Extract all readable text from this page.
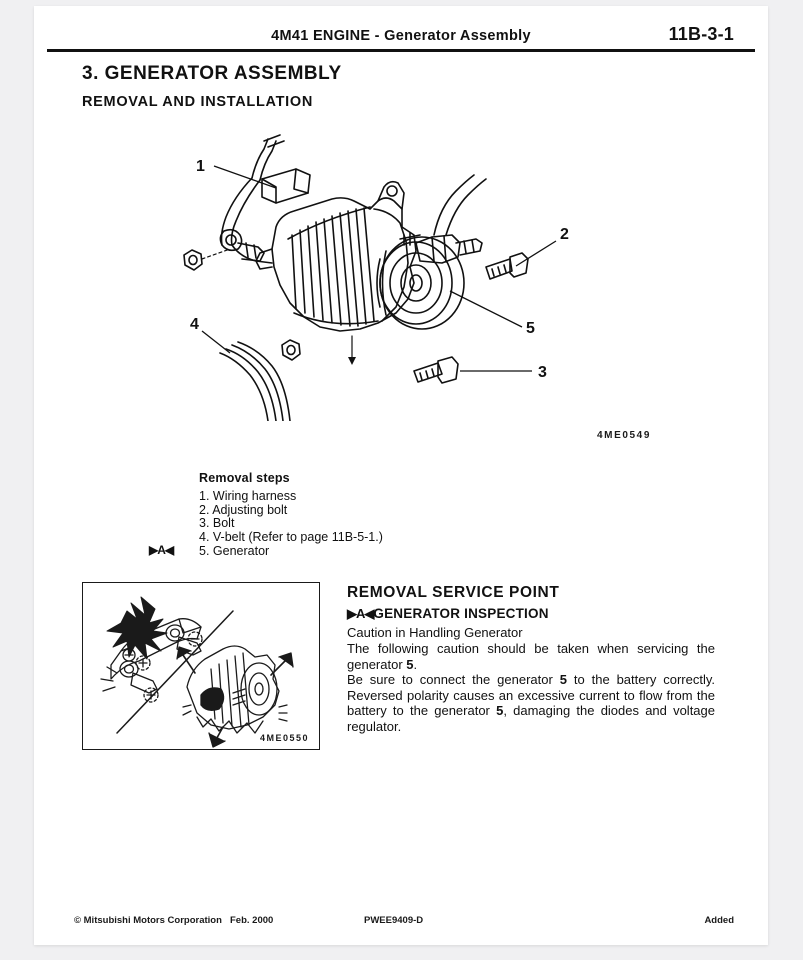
4M41 ENGINE - Generator Assembly	11B-3-1
3. GENERATOR ASSEMBLY
REMOVAL AND INSTALLATION
1
2
3
4	5
4ME0549
Removal steps
1. Wiring harness
2. Adjusting bolt
3. Bolt
4. V-belt (Refer to page 11B-5-1.)
▶A◀ 5. Generator
4ME0550
REMOVAL SERVICE POINT
▶A◀GENERATOR INSPECTION
Caution in Handling Generator
The following caution should be taken when servicing the generator 5.
Be sure to connect the generator 5 to the battery correctly. Reversed polarity causes an excessive current to flow from the battery to the generator 5, damaging the diodes and voltage regulator.
© Mitsubishi Motors Corporation Feb. 2000	PWEE9409-D	Added
